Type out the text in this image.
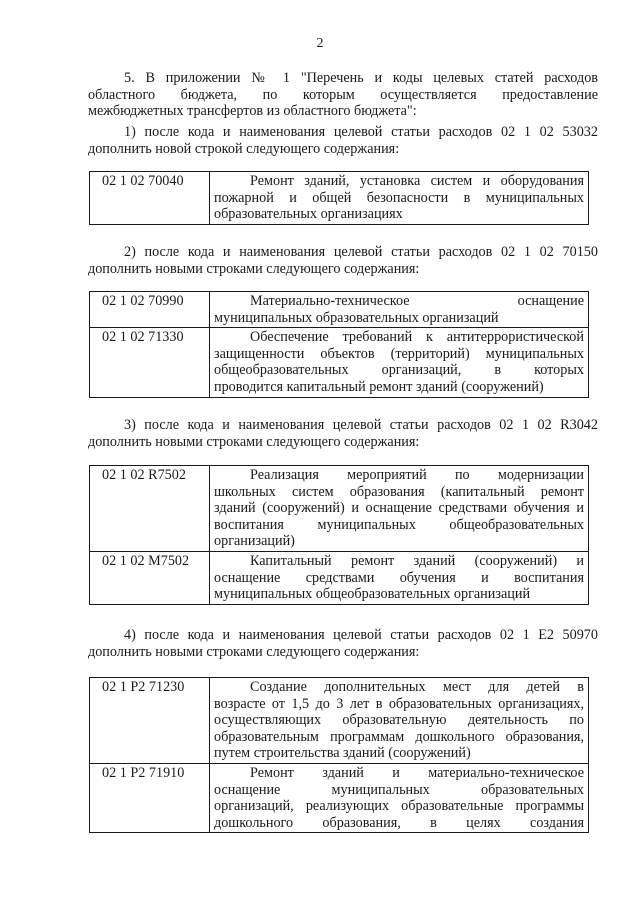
2
5. В приложении № 1 "Перечень и коды целевых статей расходов
областного бюджета, по которым осуществляется предоставление
межбюджетных трансфертов из областного бюджета":
1) после кода и наименования целевой статьи расходов 02 1 02 53032
дополнить новой строкой следующего содержания:
02 1 02 70040	Ремонт зданий, установка систем и оборудования
пожарной и общей безопасности в муниципальных
образовательных организациях
2) после кода и наименования целевой статьи расходов 02 1 02 70150
дополнить новыми строками следующего содержания:
02 1 02 70990	Материально-техническое оснащение
муниципальных образовательных организаций

02 1 02 71330	Обеспечение требований к антитеррористической
защищенности объектов (территорий) муниципальных
общеобразовательных организаций, в которых
проводится капитальный ремонт зданий (сооружений)
3) после кода и наименования целевой статьи расходов 02 1 02 R3042
дополнить новыми строками следующего содержания:
02 1 02 R7502	Реализация мероприятий по модернизации
школьных систем образования (капитальный ремонт
зданий (сооружений) и оснащение средствами обучения и
воспитания муниципальных общеобразовательных
организаций)

02 1 02 M7502	Капитальный ремонт зданий (сооружений) и
оснащение средствами обучения и воспитания
муниципальных общеобразовательных организаций
4) после кода и наименования целевой статьи расходов 02 1 Е2 50970
дополнить новыми строками следующего содержания:
02 1 Р2 71230	Создание дополнительных мест для детей в
возрасте от 1,5 до 3 лет в образовательных организациях,
осуществляющих образовательную деятельность по
образовательным программам дошкольного образования,
путем строительства зданий (сооружений)

02 1 Р2 71910	Ремонт зданий и материально-техническое
оснащение муниципальных образовательных
организаций, реализующих образовательные программы
дошкольного образования, в целях создания
